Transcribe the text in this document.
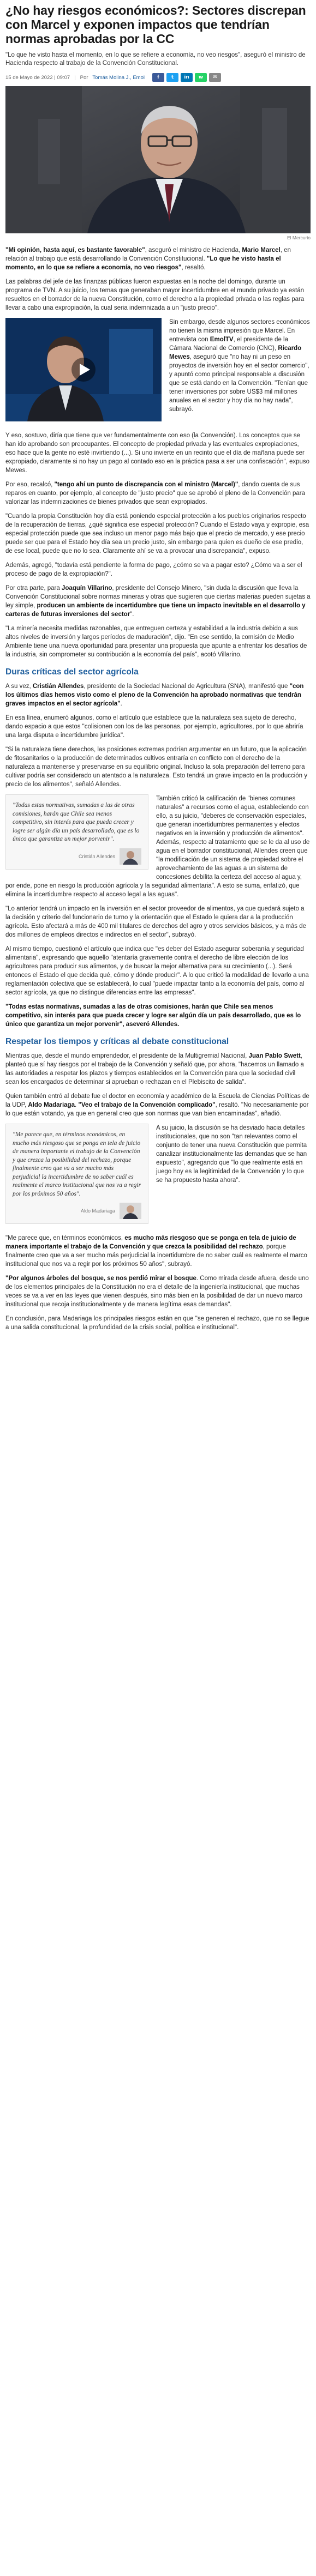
¿No hay riesgos económicos?: Sectores discrepan con Marcel y exponen impactos que tendrían normas aprobadas por la CC

"Lo que he visto hasta el momento, en lo que se refiere a economía, no veo riesgos", aseguró el ministro de Hacienda respecto al trabajo de la Convención Constitucional.

15 de Mayo de 2022 | 09:07 | Por Tomás Molina J., Emol	f	t	in	w	✉
El Mercurio

"Mi opinión, hasta aquí, es bastante favorable", aseguró el ministro de Hacienda, Mario Marcel, en relación al trabajo que está desarrollando la Convención Constitucional. "Lo que he visto hasta el momento, en lo que se refiere a economía, no veo riesgos", resaltó.

Las palabras del jefe de las finanzas públicas fueron expuestas en la noche del domingo, durante un programa de TVN. A su juicio, los temas que generaban mayor incertidumbre en el mundo privado ya están resueltos en el borrador de la nueva Constitución, como el derecho a la propiedad privada o las reglas para llevar a cabo una expropiación, la cual seria indemnizada a un "justo precio".

Sin embargo, desde algunos sectores económicos no tienen la misma impresión que Marcel. En entrevista con EmolTV, el presidente de la Cámara Nacional de Comercio (CNC), Ricardo Mewes, aseguró que "no hay ni un peso en proyectos de inversión hoy en el sector comercio", y apuntó como principal responsable a discusión que se está dando en la Convención. "Tenían que tener inversiones por sobre US$3 mil millones anuales en el sector y hoy día no hay nada", subrayó.

Y eso, sostuvo, diría que tiene que ver fundamentalmente con eso (la Convención). Los conceptos que se han ido aprobando son preocupantes. El concepto de propiedad privada y las eventuales expropiaciones, eso hace que la gente no esté invirtiendo (...). Si uno invierte en un recinto que el día de mañana puede ser expropiado, claramente si no hay un pago al contado eso en la práctica pasa a ser una confiscación", expuso Mewes.

Por eso, recalcó, "tengo ahí un punto de discrepancia con el ministro (Marcel)", dando cuenta de sus reparos en cuanto, por ejemplo, al concepto de "justo precio" que se aprobó el pleno de la Convención para valorizar las indemnizaciones de bienes privados que sean expropiados.

"Cuando la propia Constitución hoy día está poniendo especial protección a los pueblos originarios respecto de la recuperación de tierras, ¿qué significa ese especial protección? Cuando el Estado vaya y expropie, esa especial protección puede que sea incluso un menor pago más bajo que el precio de mercado, y ese precio puede ser que para el Estado hoy día sea un precio justo, sin embargo para quien es dueño de ese predio, de ese local, puede que no lo sea. Claramente ahí se va a provocar una discrepancia", expuso.

Además, agregó, "todavía está pendiente la forma de pago, ¿cómo se va a pagar esto? ¿Cómo va a ser el proceso de pago de la expropiación?".

Por otra parte, para Joaquín Villarino, presidente del Consejo Minero, "sin duda la discusión que lleva la Convención Constitucional sobre normas mineras y otras que sugieren que ciertas materias pueden sujetas a ley simple, producen un ambiente de incertidumbre que tiene un impacto inevitable en el desarrollo y carteras de futuras inversiones del sector".

"La minería necesita medidas razonables, que entreguen certeza y estabilidad a la industria debido a sus altos niveles de inversión y largos períodos de maduración", dijo. "En ese sentido, la comisión de Medio Ambiente tiene una nueva oportunidad para presentar una propuesta que apunte a enfrentar los desafíos de la industria, sin comprometer su contribución a la economía del país", acotó Villarino.

Duras críticas del sector agrícola

A su vez, Cristián Allendes, presidente de la Sociedad Nacional de Agricultura (SNA), manifestó que "con los últimos días hemos visto como el pleno de la Convención ha aprobado normativas que tendrán graves impactos en el sector agrícola".

En esa línea, enumeró algunos, como el artículo que establece que la naturaleza sea sujeto de derecho, dando espacio a que estos "colisionen con los de las personas, por ejemplo, agricultores, por lo que abriría una larga disputa e incertidumbre jurídica".

"Si la naturaleza tiene derechos, las posiciones extremas podrían argumentar en un futuro, que la aplicación de fitosanitarios o la producción de determinados cultivos entraría en conflicto con el derecho de la naturaleza a mantenerse y preservarse en su equilibrio original. Incluso la sola preparación del terreno para cultivar podría ser considerado un atentado a la naturaleza. Esto tendrá un grave impacto en la producción y precio de los alimentos", señaló Allendes.

"Todas estas normativas, sumadas a las de otras comisiones, harán que Chile sea menos competitivo, sin interés para que pueda crecer y logre ser algún día un país desarrollado, que es lo único que garantiza un mejor porvenir".
Cristián Allendes

También criticó la calificación de "bienes comunes naturales" a recursos como el agua, estableciendo con ello, a su juicio, "deberes de conservación especiales, que generan incertidumbres permanentes y efectos negativos en la inversión y producción de alimentos". Además, respecto al tratamiento que se le da al uso de agua en el borrador constitucional, Allendes creen que "la modificación de un sistema de propiedad sobre el aprovechamiento de las aguas a un sistema de concesiones debilita la certeza del acceso al agua y, por ende, pone en riesgo la producción agrícola y la seguridad alimentaria". A esto se suma, enfatizó, que elimina la incertidumbre respecto al acceso legal a las aguas".

"Lo anterior tendrá un impacto en la inversión en el sector proveedor de alimentos, ya que quedará sujeto a la decisión y criterio del funcionario de turno y la orientación que el Estado le quiera dar a la producción agrícola. Esto afectará a más de 400 mil titulares de derechos del agro y otros servicios básicos, y a más de dos millones de empleos directos e indirectos en el sector", subrayó.

Al mismo tiempo, cuestionó el artículo que indica que "es deber del Estado asegurar soberanía y seguridad alimentaria", expresando que aquello "atentaría gravemente contra el derecho de libre elección de los agricultores para producir sus alimentos, y de buscar la mejor alternativa para su crecimiento (...). Será entonces el Estado el que decida qué, cómo y dónde producir". A lo que criticó la modalidad de llevarlo a una reglamentación colectiva que se establecerá, lo cual "puede impactar tanto a la economía del país, como al sector agrícola, ya que no distingue diferencias entre las empresas".

"Todas estas normativas, sumadas a las de otras comisiones, harán que Chile sea menos competitivo, sin interés para que pueda crecer y logre ser algún día un país desarrollado, que es lo único que garantiza un mejor porvenir", aseveró Allendes.

Respetar los tiempos y críticas al debate constitucional

Mientras que, desde el mundo emprendedor, el presidente de la Multigremial Nacional, Juan Pablo Swett, planteó que sí hay riesgos por el trabajo de la Convención y señaló que, por ahora, "hacemos un llamado a las autoridades a respetar los plazos y tiempos establecidos en la Convención para que la sociedad civil sean los encargados de determinar si aprueban o rechazan en el Plebiscito de salida".

Quien también entró al debate fue el doctor en economía y académico de la Escuela de Ciencias Políticas de la UDP, Aldo Madariaga. "Veo el trabajo de la Convención complicado", resaltó. "No necesariamente por lo que están votando, ya que en general creo que son normas que van bien encaminadas", añadió.

"Me parece que, en términos económicos, en mucho más riesgoso que se ponga en tela de juicio de manera importante el trabajo de la Convención y que crezca la posibilidad del rechazo, porque finalmente creo que va a ser mucho más perjudicial la incertidumbre de no saber cuál es realmente el marco institucional que nos va a regir por los próximos 50 años".
Aldo Madariaga

A su juicio, la discusión se ha desviado hacia detalles institucionales, que no son "tan relevantes como el conjunto de tener una nueva Constitución que permita canalizar institucionalmente las demandas que se han expuesto", agregando que "lo que realmente está en juego hoy es la legitimidad de la Convención y lo que se ha propuesto hasta ahora".

"Me parece que, en términos económicos, es mucho más riesgoso que se ponga en tela de juicio de manera importante el trabajo de la Convención y que crezca la posibilidad del rechazo, porque finalmente creo que va a ser mucho más perjudicial la incertidumbre de no saber cuál es realmente el marco institucional que nos va a regir por los próximos 50 años", subrayó.

"Por algunos árboles del bosque, se nos perdió mirar el bosque. Como mirada desde afuera, desde uno de los elementos principales de la Constitución no era el detalle de la ingeniería institucional, que muchas veces se va a ver en las leyes que vienen después, sino más bien en la posibilidad de dar un nuevo marco institucional que recoja institucionalmente y de manera legítima esas demandas".

En conclusión, para Madariaga los principales riesgos están en que "se generen el rechazo, que no se llegue a una salida constitucional, la profundidad de la crisis social, política e institucional".
